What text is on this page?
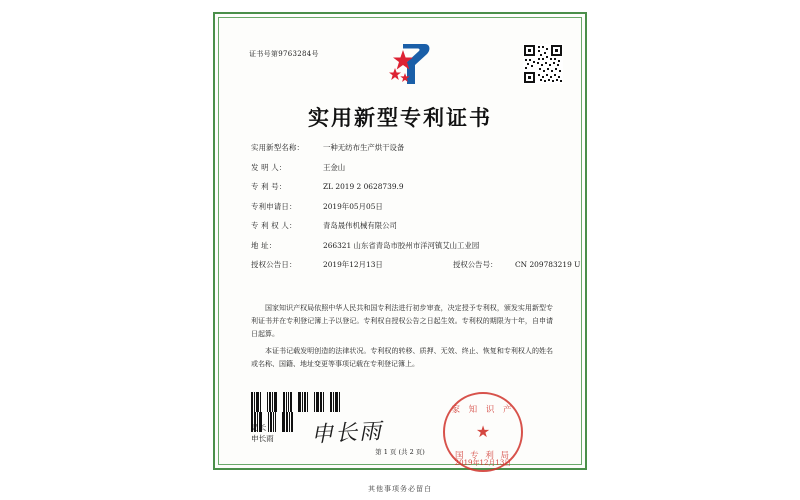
证书号第9763284号
实用新型专利证书
实用新型名称：	一种无纺布生产烘干设备
发 明 人：	王金山
专 利 号：	ZL 2019 2 0628739.9
专利申请日：	2019年05月05日
专 利 权 人：	青岛晟伟机械有限公司
地 址：	266321 山东省青岛市胶州市洋河镇艾山工业园
授权公告日：	2019年12月13日	授权公告号：	CN 209783219 U

国家知识产权局依照中华人民共和国专利法进行初步审查，决定授予专利权，颁发实用新型专利证书并在专利登记簿上予以登记。专利权自授权公告之日起生效。专利权的期限为十年，自申请日起算。

本证书记载发明创造的法律状况。专利权的转移、质押、无效、终止、恢复和专利权人的姓名或名称、国籍、地址变更等事项记载在专利登记簿上。

局长
申长雨 申长雨
家 知 识 产
★
国 专 利 局
2019年12月13日
第 1 页 (共 2 页)
其他事项务必留白
